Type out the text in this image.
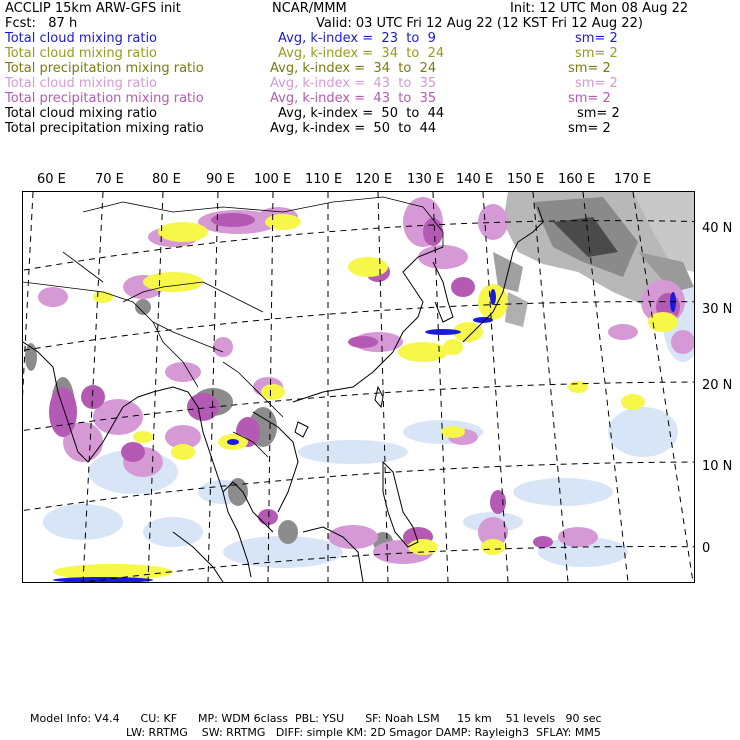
ACCLIP 15km ARW-GFS init	NCAR/MMM	Init: 12 UTC Mon 08 Aug 22
Fcst: 87 h	Valid: 03 UTC Fri 12 Aug 22 (12 KST Fri 12 Aug 22)
Total cloud mixing ratio	Avg, k-index = 23 to 9	sm= 2
Total cloud mixing ratio	Avg, k-index = 34 to 24	sm= 2
Total precipitation mixing ratio	Avg, k-index = 34 to 24	sm= 2
Total cloud mixing ratio	Avg, k-index = 43 to 35	sm= 2
Total precipitation mixing ratio	Avg, k-index = 43 to 35	sm= 2
Total cloud mixing ratio	Avg, k-index = 50 to 44	sm= 2
Total precipitation mixing ratio	Avg, k-index = 50 to 44	sm= 2
60 E 70 E 80 E 90 E 100 E 110 E 120 E 130 E 140 E 150 E 160 E 170 E
40 N
30 N
20 N
10 N
0
Model Info: V4.4      CU: KF      MP: WDM 6class  PBL: YSU      SF: Noah LSM     15 km    51 levels   90 sec
LW: RRTMG    SW: RRTMG   DIFF: simple KM: 2D Smagor DAMP: Rayleigh3  SFLAY: MM5
